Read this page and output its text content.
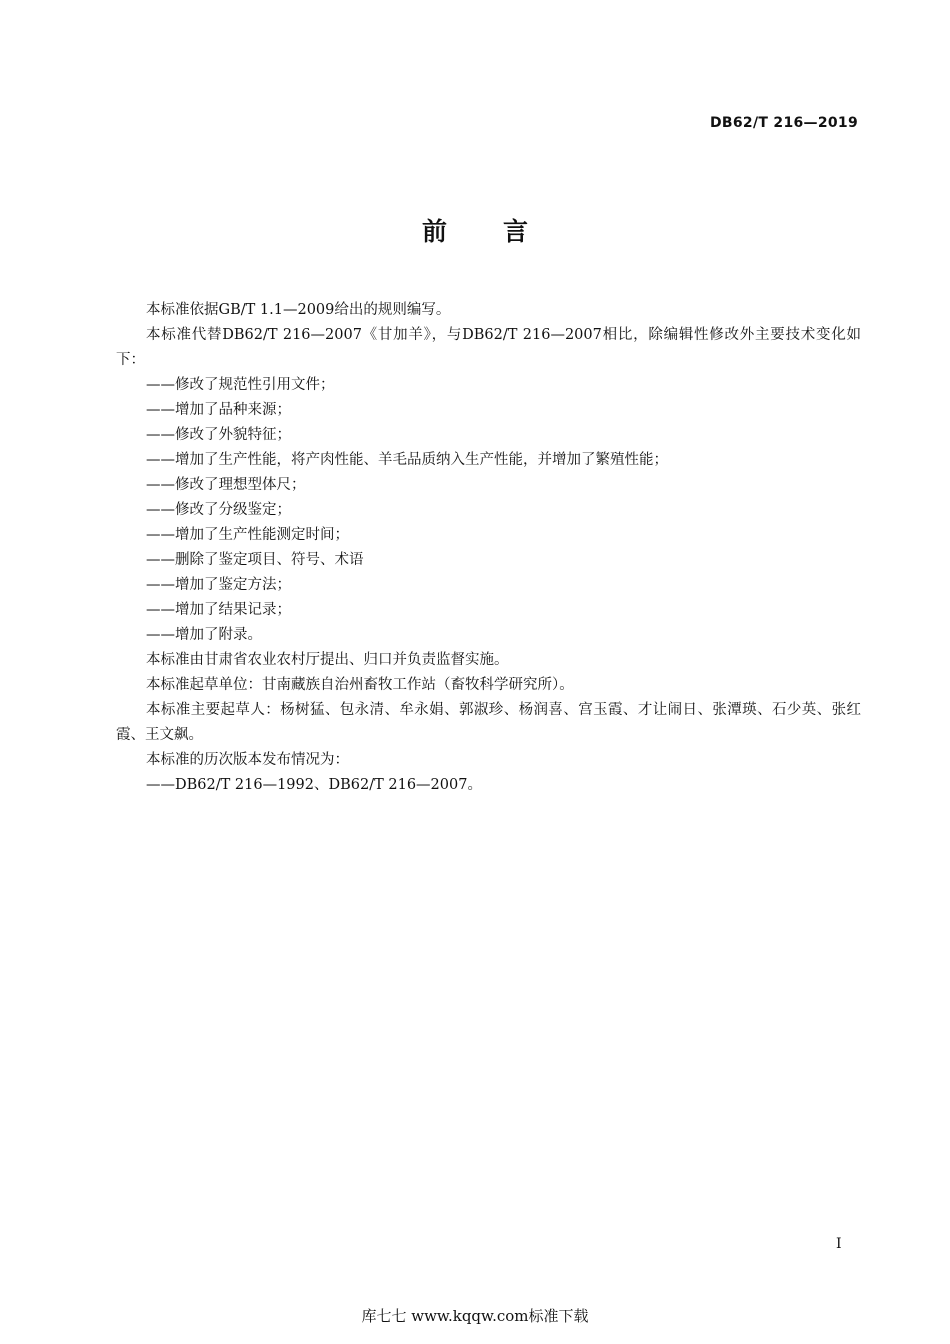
DB62/T 216—2019
前 言

本标准依据GB/T 1.1—2009给出的规则编写。

本标准代替DB62/T 216—2007《甘加羊》，与DB62/T 216—2007相比，除编辑性修改外主要技术变化如下：

——修改了规范性引用文件；
——增加了品种来源；
——修改了外貌特征；
——增加了生产性能，将产肉性能、羊毛品质纳入生产性能，并增加了繁殖性能；
——修改了理想型体尺；
——修改了分级鉴定；
——增加了生产性能测定时间；
——删除了鉴定项目、符号、术语
——增加了鉴定方法；
——增加了结果记录；
——增加了附录。

本标准由甘肃省农业农村厅提出、归口并负责监督实施。

本标准起草单位：甘南藏族自治州畜牧工作站（畜牧科学研究所）。

本标准主要起草人：杨树猛、包永清、牟永娟、郭淑珍、杨润喜、宫玉霞、才让闹日、张潭瑛、石少英、张红霞、王文飙。

本标准的历次版本发布情况为：

——DB62/T 216—1992、DB62/T 216—2007。
I
库七七 www.kqqw.com标准下载
